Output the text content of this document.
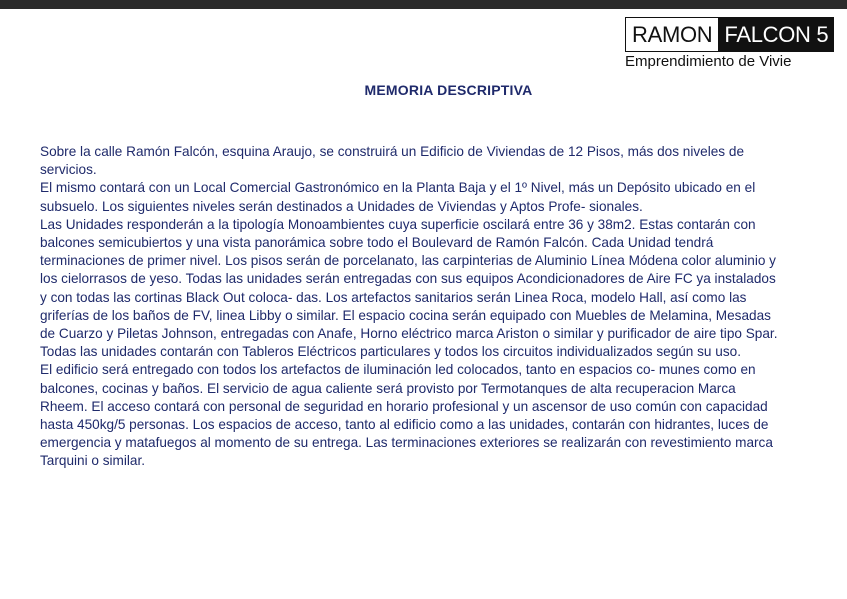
RAMON FALCON 5
Emprendimiento de Vivie
MEMORIA DESCRIPTIVA

Sobre la calle Ramón Falcón, esquina Araujo, se construirá un Edificio de Viviendas de 12 Pisos, más dos niveles de servicios.

El mismo contará con un Local Comercial Gastronómico en la Planta Baja y el 1º Nivel, más un Depósito ubicado en el subsuelo. Los siguientes niveles serán destinados a Unidades de Viviendas y Aptos Profe- sionales.

Las Unidades responderán a la tipología Monoambientes cuya superficie oscilará entre 36 y 38m2. Estas contarán con balcones semicubiertos y una vista panorámica sobre todo el Boulevard de Ramón Falcón. Cada Unidad tendrá terminaciones de primer nivel. Los pisos serán de porcelanato, las carpinterias de Aluminio Línea Módena color aluminio y los cielorrasos de yeso. Todas las unidades serán entregadas con sus equipos Acondicionadores de Aire FC ya instalados y con todas las cortinas Black Out coloca- das. Los artefactos sanitarios serán Linea Roca, modelo Hall, así como las griferías de los baños de FV, linea Libby o similar. El espacio cocina serán equipado con Muebles de Melamina, Mesadas de Cuarzo y Piletas Johnson, entregadas con Anafe, Horno eléctrico marca Ariston o similar y purificador de aire tipo Spar. Todas las unidades contarán con Tableros Eléctricos particulares y todos los circuitos individualizados según su uso.

El edificio será entregado con todos los artefactos de iluminación led colocados, tanto en espacios co- munes como en balcones, cocinas y baños. El servicio de agua caliente será provisto por Termotanques de alta recuperacion Marca Rheem. El acceso contará con personal de seguridad en horario profesional y un ascensor de uso común con capacidad hasta 450kg/5 personas. Los espacios de acceso, tanto al edificio como a las unidades, contarán con hidrantes, luces de emergencia y matafuegos al momento de su entrega. Las terminaciones exteriores se realizarán con revestimiento marca Tarquini o similar.
